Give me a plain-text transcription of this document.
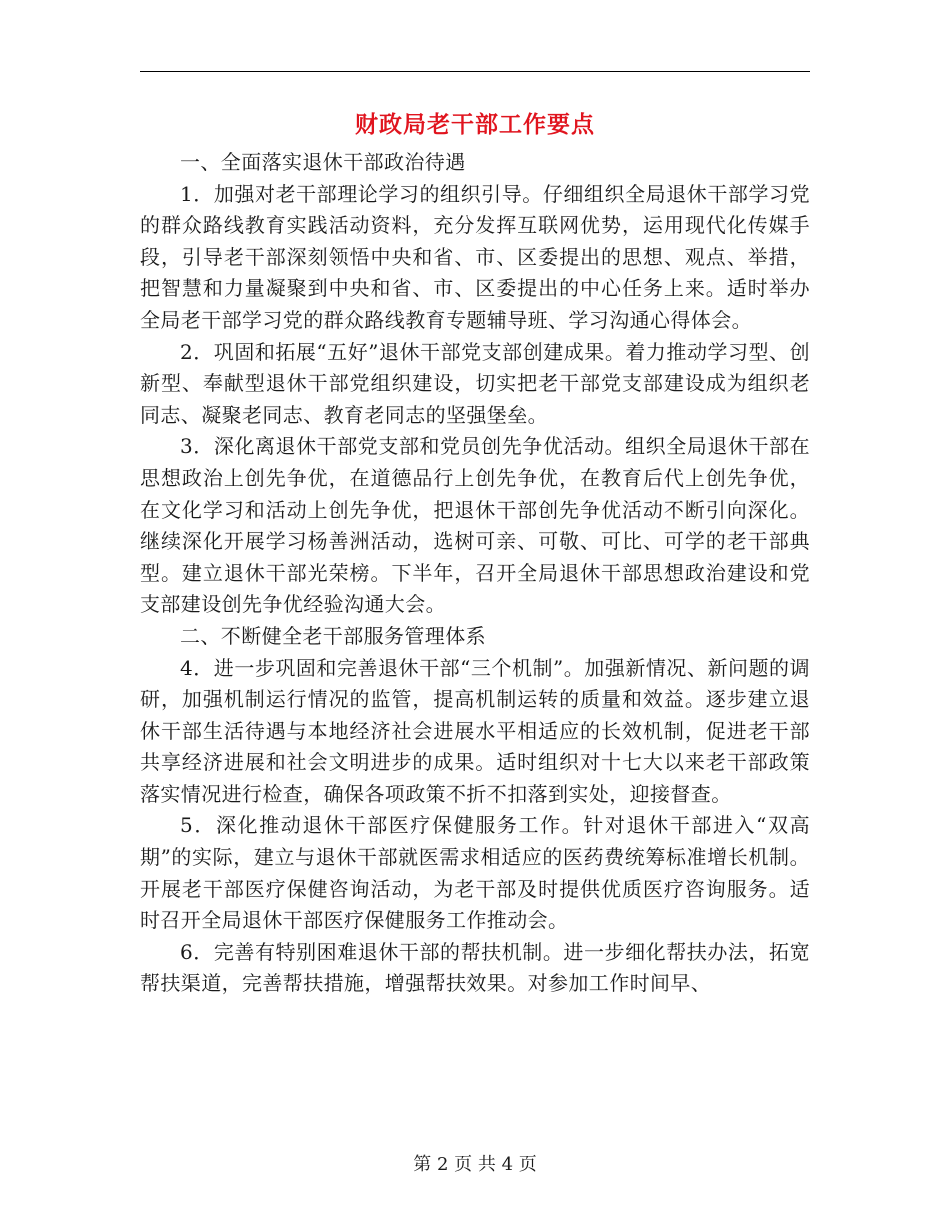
财政局老干部工作要点

一、全面落实退休干部政治待遇

1．加强对老干部理论学习的组织引导。仔细组织全局退休干部学习党的群众路线教育实践活动资料，充分发挥互联网优势，运用现代化传媒手段，引导老干部深刻领悟中央和省、市、区委提出的思想、观点、举措，把智慧和力量凝聚到中央和省、市、区委提出的中心任务上来。适时举办全局老干部学习党的群众路线教育专题辅导班、学习沟通心得体会。

2．巩固和拓展“五好”退休干部党支部创建成果。着力推动学习型、创新型、奉献型退休干部党组织建设，切实把老干部党支部建设成为组织老同志、凝聚老同志、教育老同志的坚强堡垒。

3．深化离退休干部党支部和党员创先争优活动。组织全局退休干部在思想政治上创先争优，在道德品行上创先争优，在教育后代上创先争优，在文化学习和活动上创先争优，把退休干部创先争优活动不断引向深化。继续深化开展学习杨善洲活动，选树可亲、可敬、可比、可学的老干部典型。建立退休干部光荣榜。下半年，召开全局退休干部思想政治建设和党支部建设创先争优经验沟通大会。

二、不断健全老干部服务管理体系

4．进一步巩固和完善退休干部“三个机制”。加强新情况、新问题的调研，加强机制运行情况的监管，提高机制运转的质量和效益。逐步建立退休干部生活待遇与本地经济社会进展水平相适应的长效机制，促进老干部共享经济进展和社会文明进步的成果。适时组织对十七大以来老干部政策落实情况进行检查，确保各项政策不折不扣落到实处，迎接督查。

5．深化推动退休干部医疗保健服务工作。针对退休干部进入“双高期”的实际，建立与退休干部就医需求相适应的医药费统筹标准增长机制。开展老干部医疗保健咨询活动，为老干部及时提供优质医疗咨询服务。适时召开全局退休干部医疗保健服务工作推动会。

6．完善有特别困难退休干部的帮扶机制。进一步细化帮扶办法，拓宽帮扶渠道，完善帮扶措施，增强帮扶效果。对参加工作时间早、

第 2 页 共 4 页
